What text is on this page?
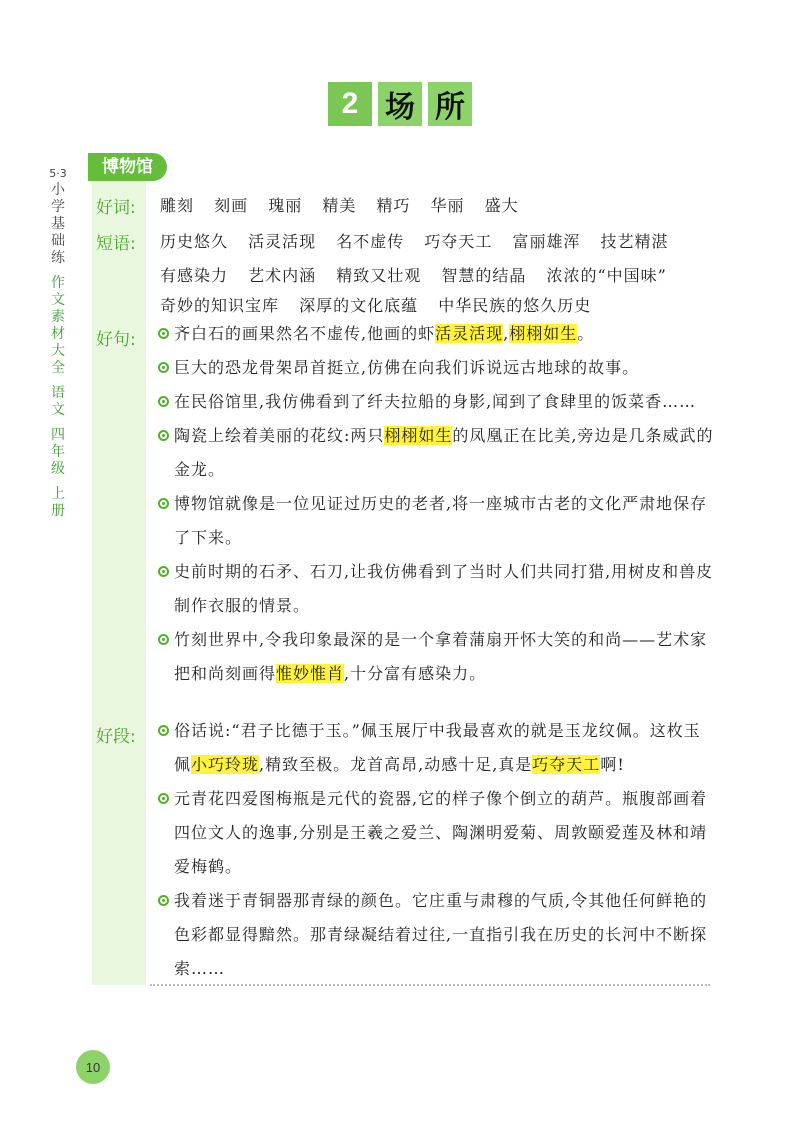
2 场 所
5·3
小
学
基
础
练
作
文
素
材
大
全
语
文
四
年
级
上
册
博物馆
好词:
短语:
好句:
好段:
雕刻 刻画 瑰丽 精美 精巧 华丽 盛大
历史悠久 活灵活现 名不虚传 巧夺天工 富丽雄浑 技艺精湛
有感染力 艺术内涵 精致又壮观 智慧的结晶 浓浓的“中国味”
奇妙的知识宝库 深厚的文化底蕴 中华民族的悠久历史
齐白石的画果然名不虚传,他画的虾活灵活现,栩栩如生。
巨大的恐龙骨架昂首挺立,仿佛在向我们诉说远古地球的故事。
在民俗馆里,我仿佛看到了纤夫拉船的身影,闻到了食肆里的饭菜香……
陶瓷上绘着美丽的花纹:两只栩栩如生的凤凰正在比美,旁边是几条威武的金龙。
博物馆就像是一位见证过历史的老者,将一座城市古老的文化严肃地保存了下来。
史前时期的石矛、石刀,让我仿佛看到了当时人们共同打猎,用树皮和兽皮制作衣服的情景。
竹刻世界中,令我印象最深的是一个拿着蒲扇开怀大笑的和尚——艺术家把和尚刻画得惟妙惟肖,十分富有感染力。
俗话说:“君子比德于玉。”佩玉展厅中我最喜欢的就是玉龙纹佩。这枚玉佩小巧玲珑,精致至极。龙首高昂,动感十足,真是巧夺天工啊!
元青花四爱图梅瓶是元代的瓷器,它的样子像个倒立的葫芦。瓶腹部画着四位文人的逸事,分别是王羲之爱兰、陶渊明爱菊、周敦颐爱莲及林和靖爱梅鹤。
我着迷于青铜器那青绿的颜色。它庄重与肃穆的气质,令其他任何鲜艳的色彩都显得黯然。那青绿凝结着过往,一直指引我在历史的长河中不断探索……
10
